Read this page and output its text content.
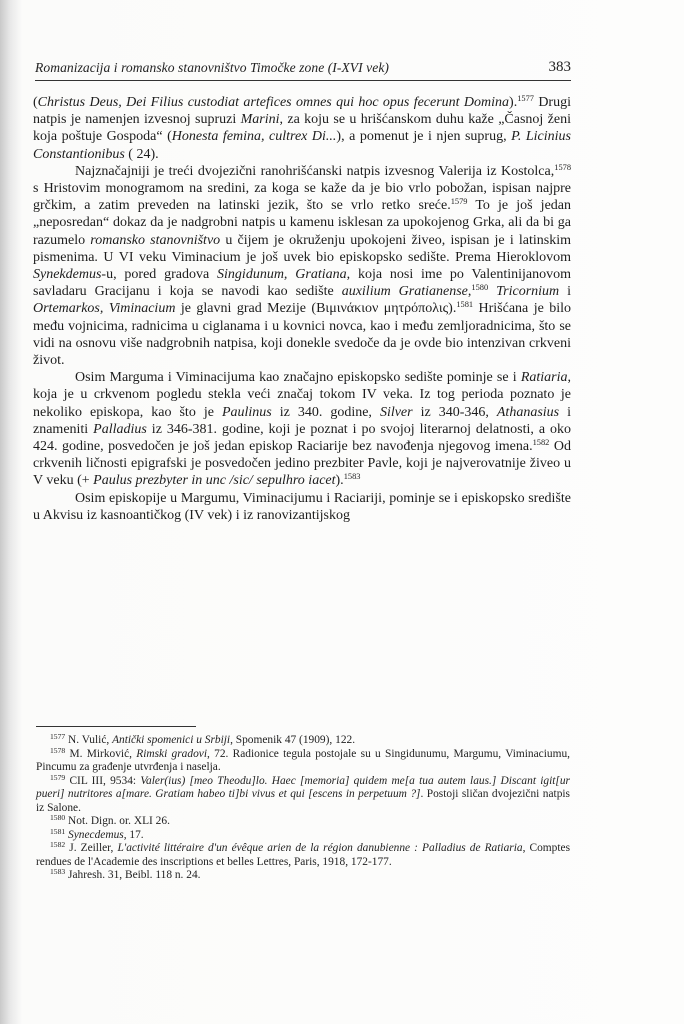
Romanizacija i romansko stanovništvo Timočke zone (I-XVI vek)	383

(Christus Deus, Dei Filius custodiat artefices omnes qui hoc opus fecerunt Domina).$^{1577}$ Drugi natpis je namenjen izvesnoj supruzi Marini, za koju se u hrišćanskom duhu kaže „Časnoj ženi koja poštuje Gospoda“ (Honesta femina, cultrex Di...), a pomenut je i njen suprug, P. Licinius Constantionibus ( 24).

Najznačajniji je treći dvojezični ranohrišćanski natpis izvesnog Valerija iz Kostolca,$^{1578}$ s Hristovim monogramom na sredini, za koga se kaže da je bio vrlo pobožan, ispisan najpre grčkim, a zatim preveden na latinski jezik, što se vrlo retko sreće.$^{1579}$ To je još jedan „neposredan“ dokaz da je nadgrobni natpis u kamenu isklesan za upokojenog Grka, ali da bi ga razumelo romansko stanovništvo u čijem je okruženju upokojeni živeo, ispisan je i latinskim pismenima. U VI veku Viminacium je još uvek bio episkopsko sedište. Prema Hieroklovom Synekdemus-u, pored gradova Singidunum, Gratiana, koja nosi ime po Valentinijanovom savladaru Gracijanu i koja se navodi kao sedište auxilium Gratianense,$^{1580}$ Tricornium i Ortemarkos, Viminacium je glavni grad Mezije (Βιμινάκιον μητρόπολις).$^{1581}$ Hrišćana je bilo među vojnicima, radnicima u ciglanama i u kovnici novca, kao i među zemljoradnicima, što se vidi na osnovu više nadgrobnih natpisa, koji donekle svedoče da je ovde bio intenzivan crkveni život.

Osim Marguma i Viminacijuma kao značajno episkopsko sedište pominje se i Ratiaria, koja je u crkvenom pogledu stekla veći značaj tokom IV veka. Iz tog perioda poznato je nekoliko episkopa, kao što je Paulinus iz 340. godine, Silver iz 340-346, Athanasius i znameniti Palladius iz 346-381. godine, koji je poznat i po svojoj literarnoj delatnosti, a oko 424. godine, posvedočen je još jedan episkop Raciarije bez navođenja njegovog imena.$^{1582}$ Od crkvenih ličnosti epigrafski je posvedočen jedino prezbiter Pavle, koji je najverovatnije živeo u V veku (+ Paulus prezbyter in unc /sic/ sepulhro iacet).$^{1583}$

Osim episkopije u Margumu, Viminacijumu i Raciariji, pominje se i episkopsko središte u Akvisu iz kasnoantičkog (IV vek) i iz ranovizantijskog

$^{1577}$ N. Vulić, Antički spomenici u Srbiji, Spomenik 47 (1909), 122.

$^{1578}$ M. Mirković, Rimski gradovi, 72. Radionice tegula postojale su u Singidunumu, Margumu, Viminaciumu, Pincumu za građenje utvrđenja i naselja.

$^{1579}$ CIL III, 9534: Valer(ius) [meo Theodu]lo. Haec [memoria] quidem me[a tua autem laus.] Discant igit[ur pueri] nutritores a[mare. Gratiam habeo ti]bi vivus et qui [escens in perpetuum ?]. Postoji sličan dvojezični natpis iz Salone.

$^{1580}$ Not. Dign. or. XLI 26.

$^{1581}$ Synecdemus, 17.

$^{1582}$ J. Zeiller, L'activité littéraire d'un évêque arien de la région danubienne : Palladius de Ratiaria, Comptes rendues de l'Academie des inscriptions et belles Lettres, Paris, 1918, 172-177.

$^{1583}$ Jahresh. 31, Beibl. 118 n. 24.
